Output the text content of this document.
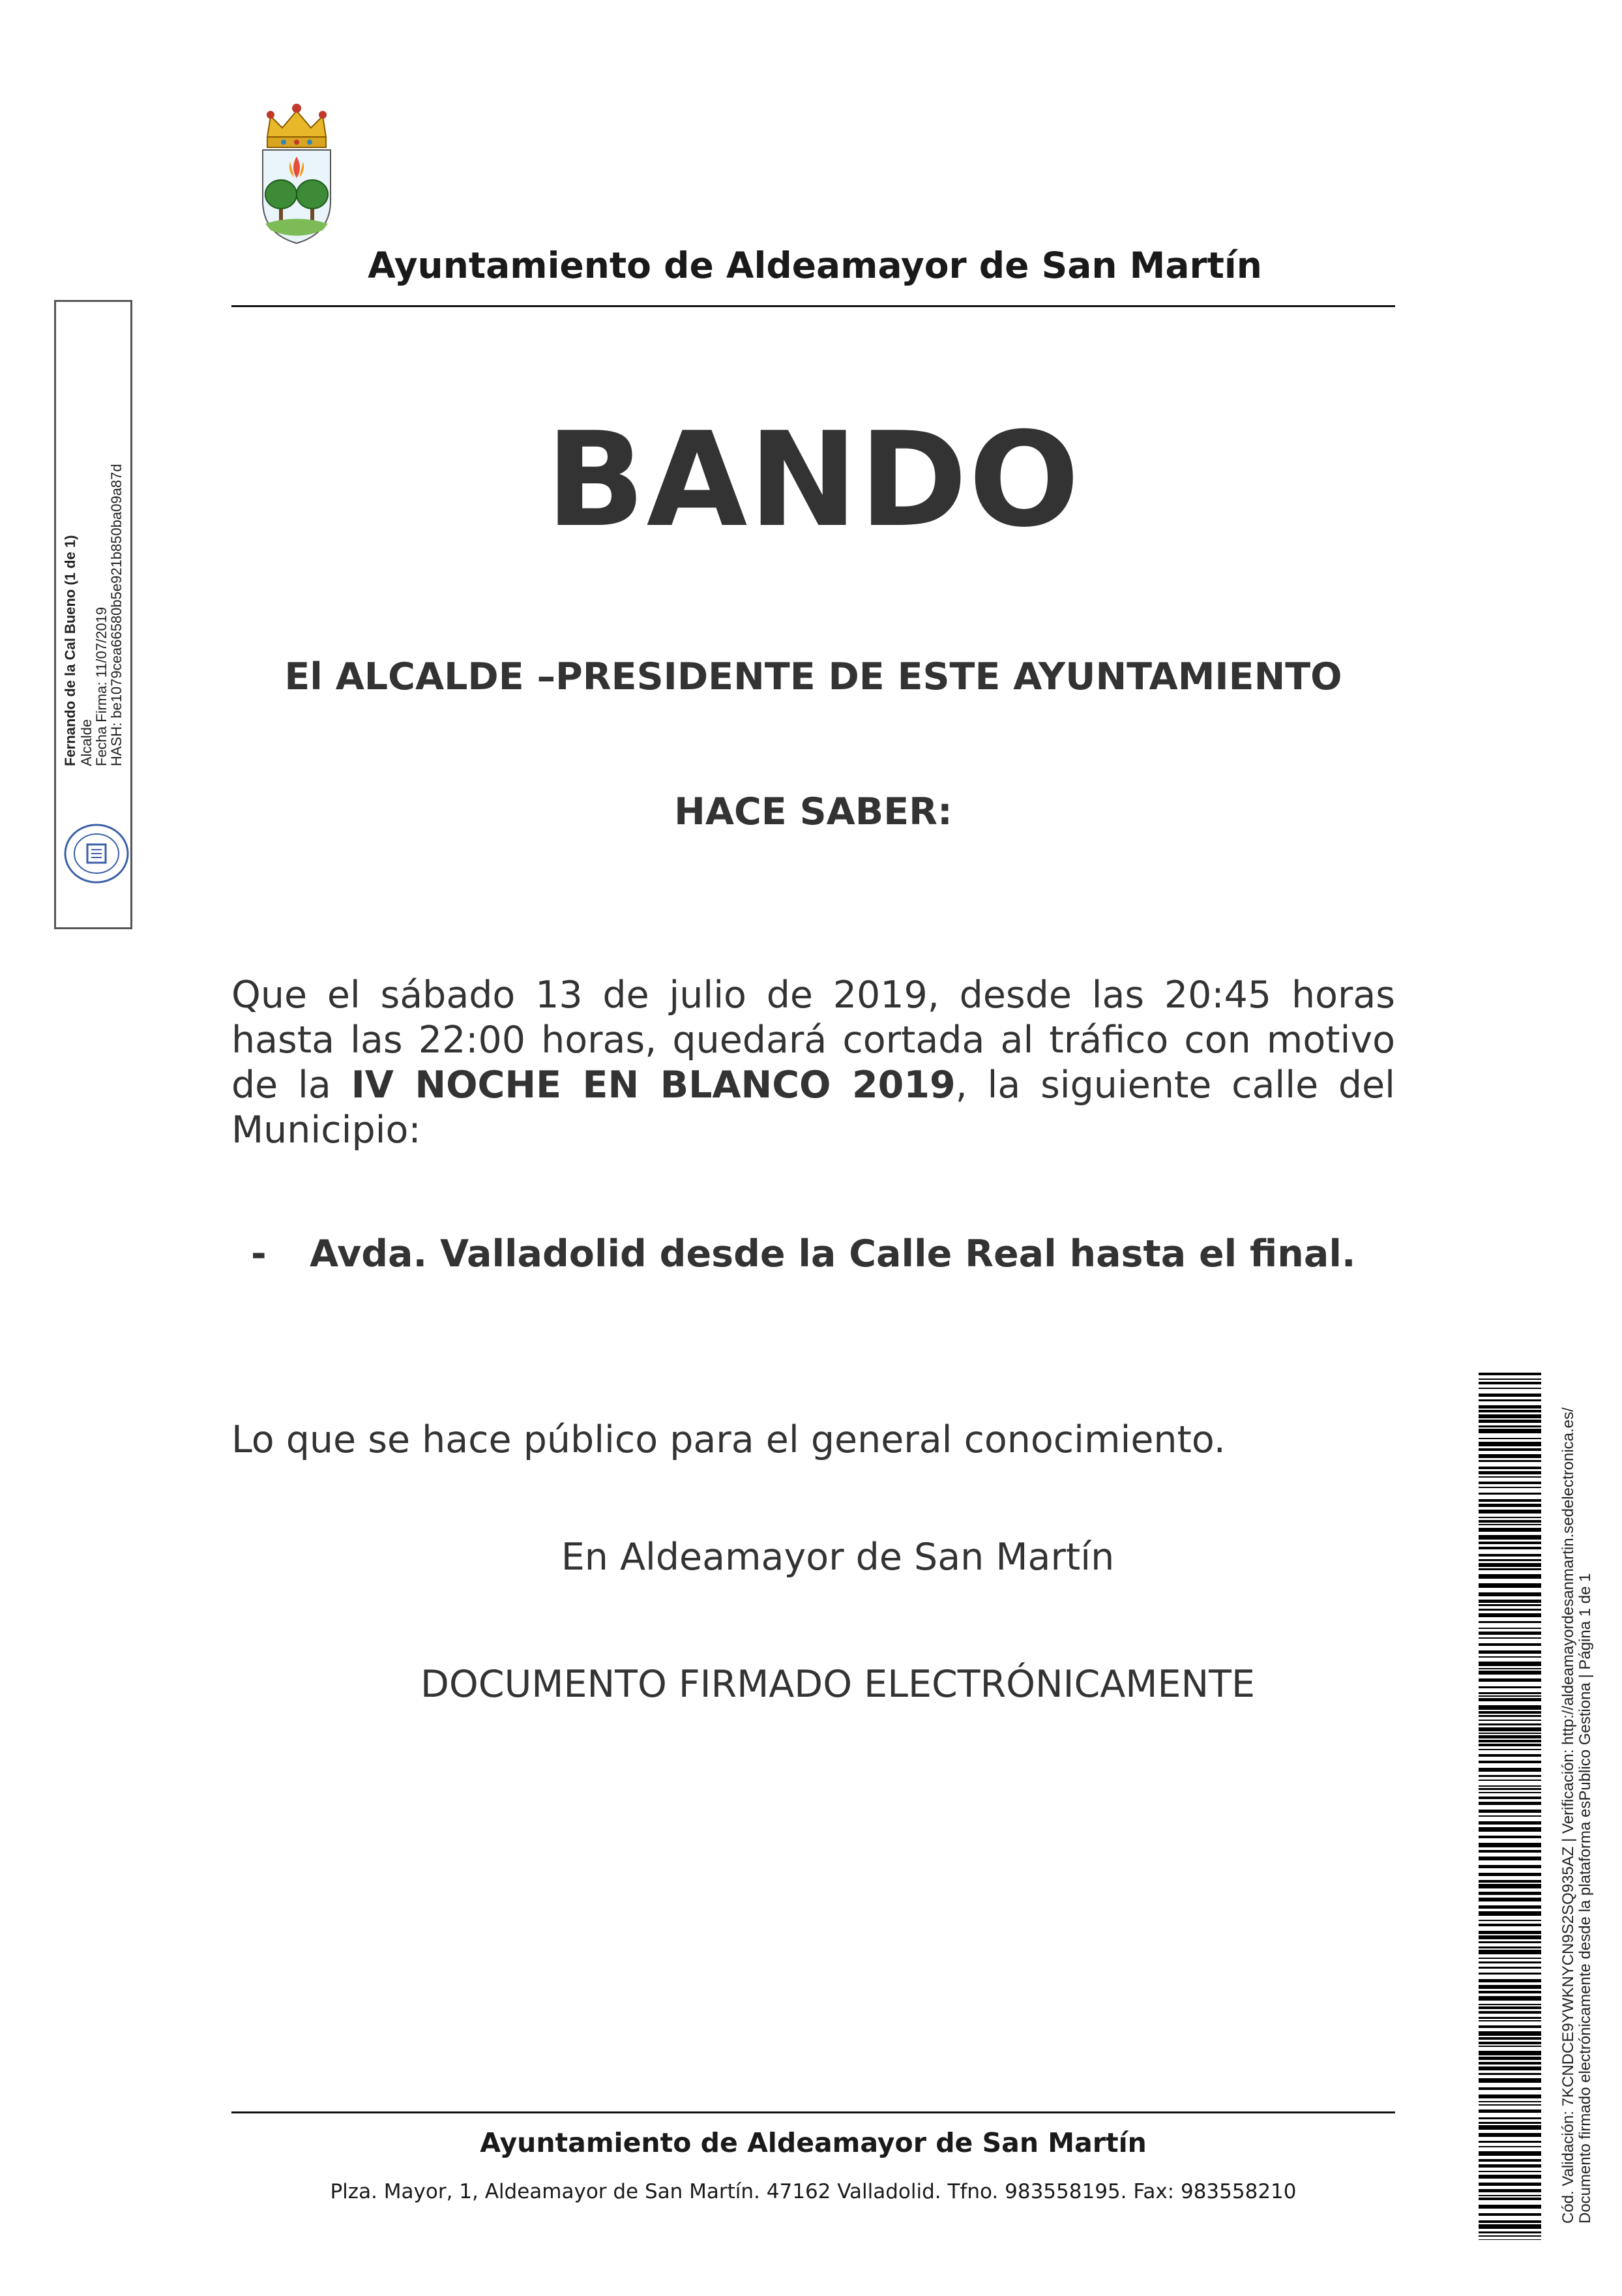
Ayuntamiento de Aldeamayor de San Martín
BANDO
El ALCALDE –PRESIDENTE DE ESTE AYUNTAMIENTO
HACE SABER:
Que el sábado 13 de julio de 2019, desde las 20:45 horas hasta las 22:00 horas, quedará cortada al tráfico con motivo de la IV NOCHE EN BLANCO 2019, la siguiente calle del Municipio:
- Avda. Valladolid desde la Calle Real hasta el final.
Lo que se hace público para el general conocimiento.
En Aldeamayor de San Martín
DOCUMENTO FIRMADO ELECTRÓNICAMENTE
Ayuntamiento de Aldeamayor de San Martín
Plza. Mayor, 1, Aldeamayor de San Martín. 47162 Valladolid. Tfno. 983558195. Fax: 983558210
Fernando de la Cal Bueno (1 de 1) Alcalde
Fecha Firma: 11/07/2019
HASH: be1079cea66580b5e921b850ba09a87d
Cód. Validación: 7KCNDCE9YWKNYCN9S2SQ935AZ | Verificación: http://aldeamayordesanmartin.sedelectronica.es/ Documento firmado electrónicamente desde la plataforma esPublico Gestiona | Página 1 de 1
